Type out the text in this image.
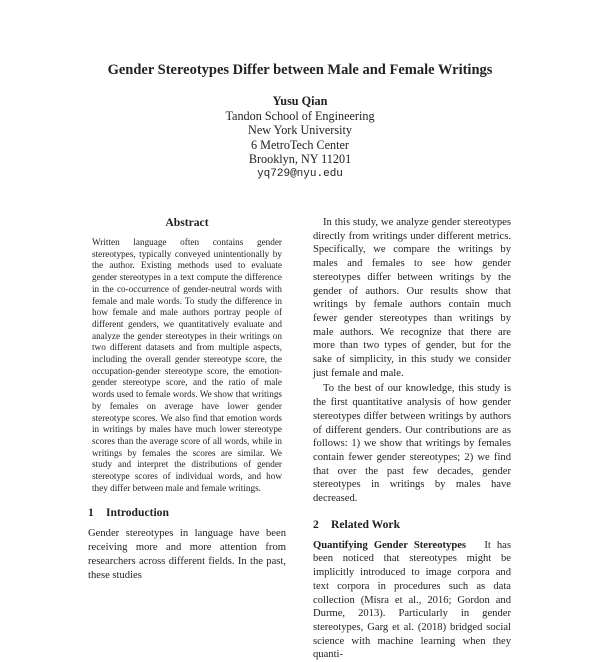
Gender Stereotypes Differ between Male and Female Writings
Yusu Qian
Tandon School of Engineering
New York University
6 MetroTech Center
Brooklyn, NY 11201
yq729@nyu.edu
Abstract

Written language often contains gender stereotypes, typically conveyed unintentionally by the author. Existing methods used to evaluate gender stereotypes in a text compute the difference in the co-occurrence of gender-neutral words with female and male words. To study the difference in how female and male authors portray people of different genders, we quantitatively evaluate and analyze the gender stereotypes in their writings on two different datasets and from multiple aspects, including the overall gender stereotype score, the occupation-gender stereotype score, the emotion-gender stereotype score, and the ratio of male words used to female words. We show that writings by females on average have lower gender stereotype scores. We also find that emotion words in writings by males have much lower stereotype scores than the average score of all words, while in writings by females the scores are similar. We study and interpret the distributions of gender stereotype scores of individual words, and how they differ between male and female writings.

1 Introduction

Gender stereotypes in language have been receiving more and more attention from researchers across different fields. In the past, these studies

In this study, we analyze gender stereotypes directly from writings under different metrics. Specifically, we compare the writings by males and females to see how gender stereotypes differ between writings by the gender of authors. Our results show that writings by female authors contain much fewer gender stereotypes than writings by male authors. We recognize that there are more than two types of gender, but for the sake of simplicity, in this study we consider just female and male.

To the best of our knowledge, this study is the first quantitative analysis of how gender stereotypes differ between writings by authors of different genders. Our contributions are as follows: 1) we show that writings by females contain fewer gender stereotypes; 2) we find that over the past few decades, gender stereotypes in writings by males have decreased.

2 Related Work

Quantifying Gender Stereotypes It has been noticed that stereotypes might be implicitly introduced to image corpora and text corpora in procedures such as data collection (Misra et al., 2016; Gordon and Durme, 2013). Particularly in gender stereotypes, Garg et al. (2018) bridged social science with machine learning when they quanti-
